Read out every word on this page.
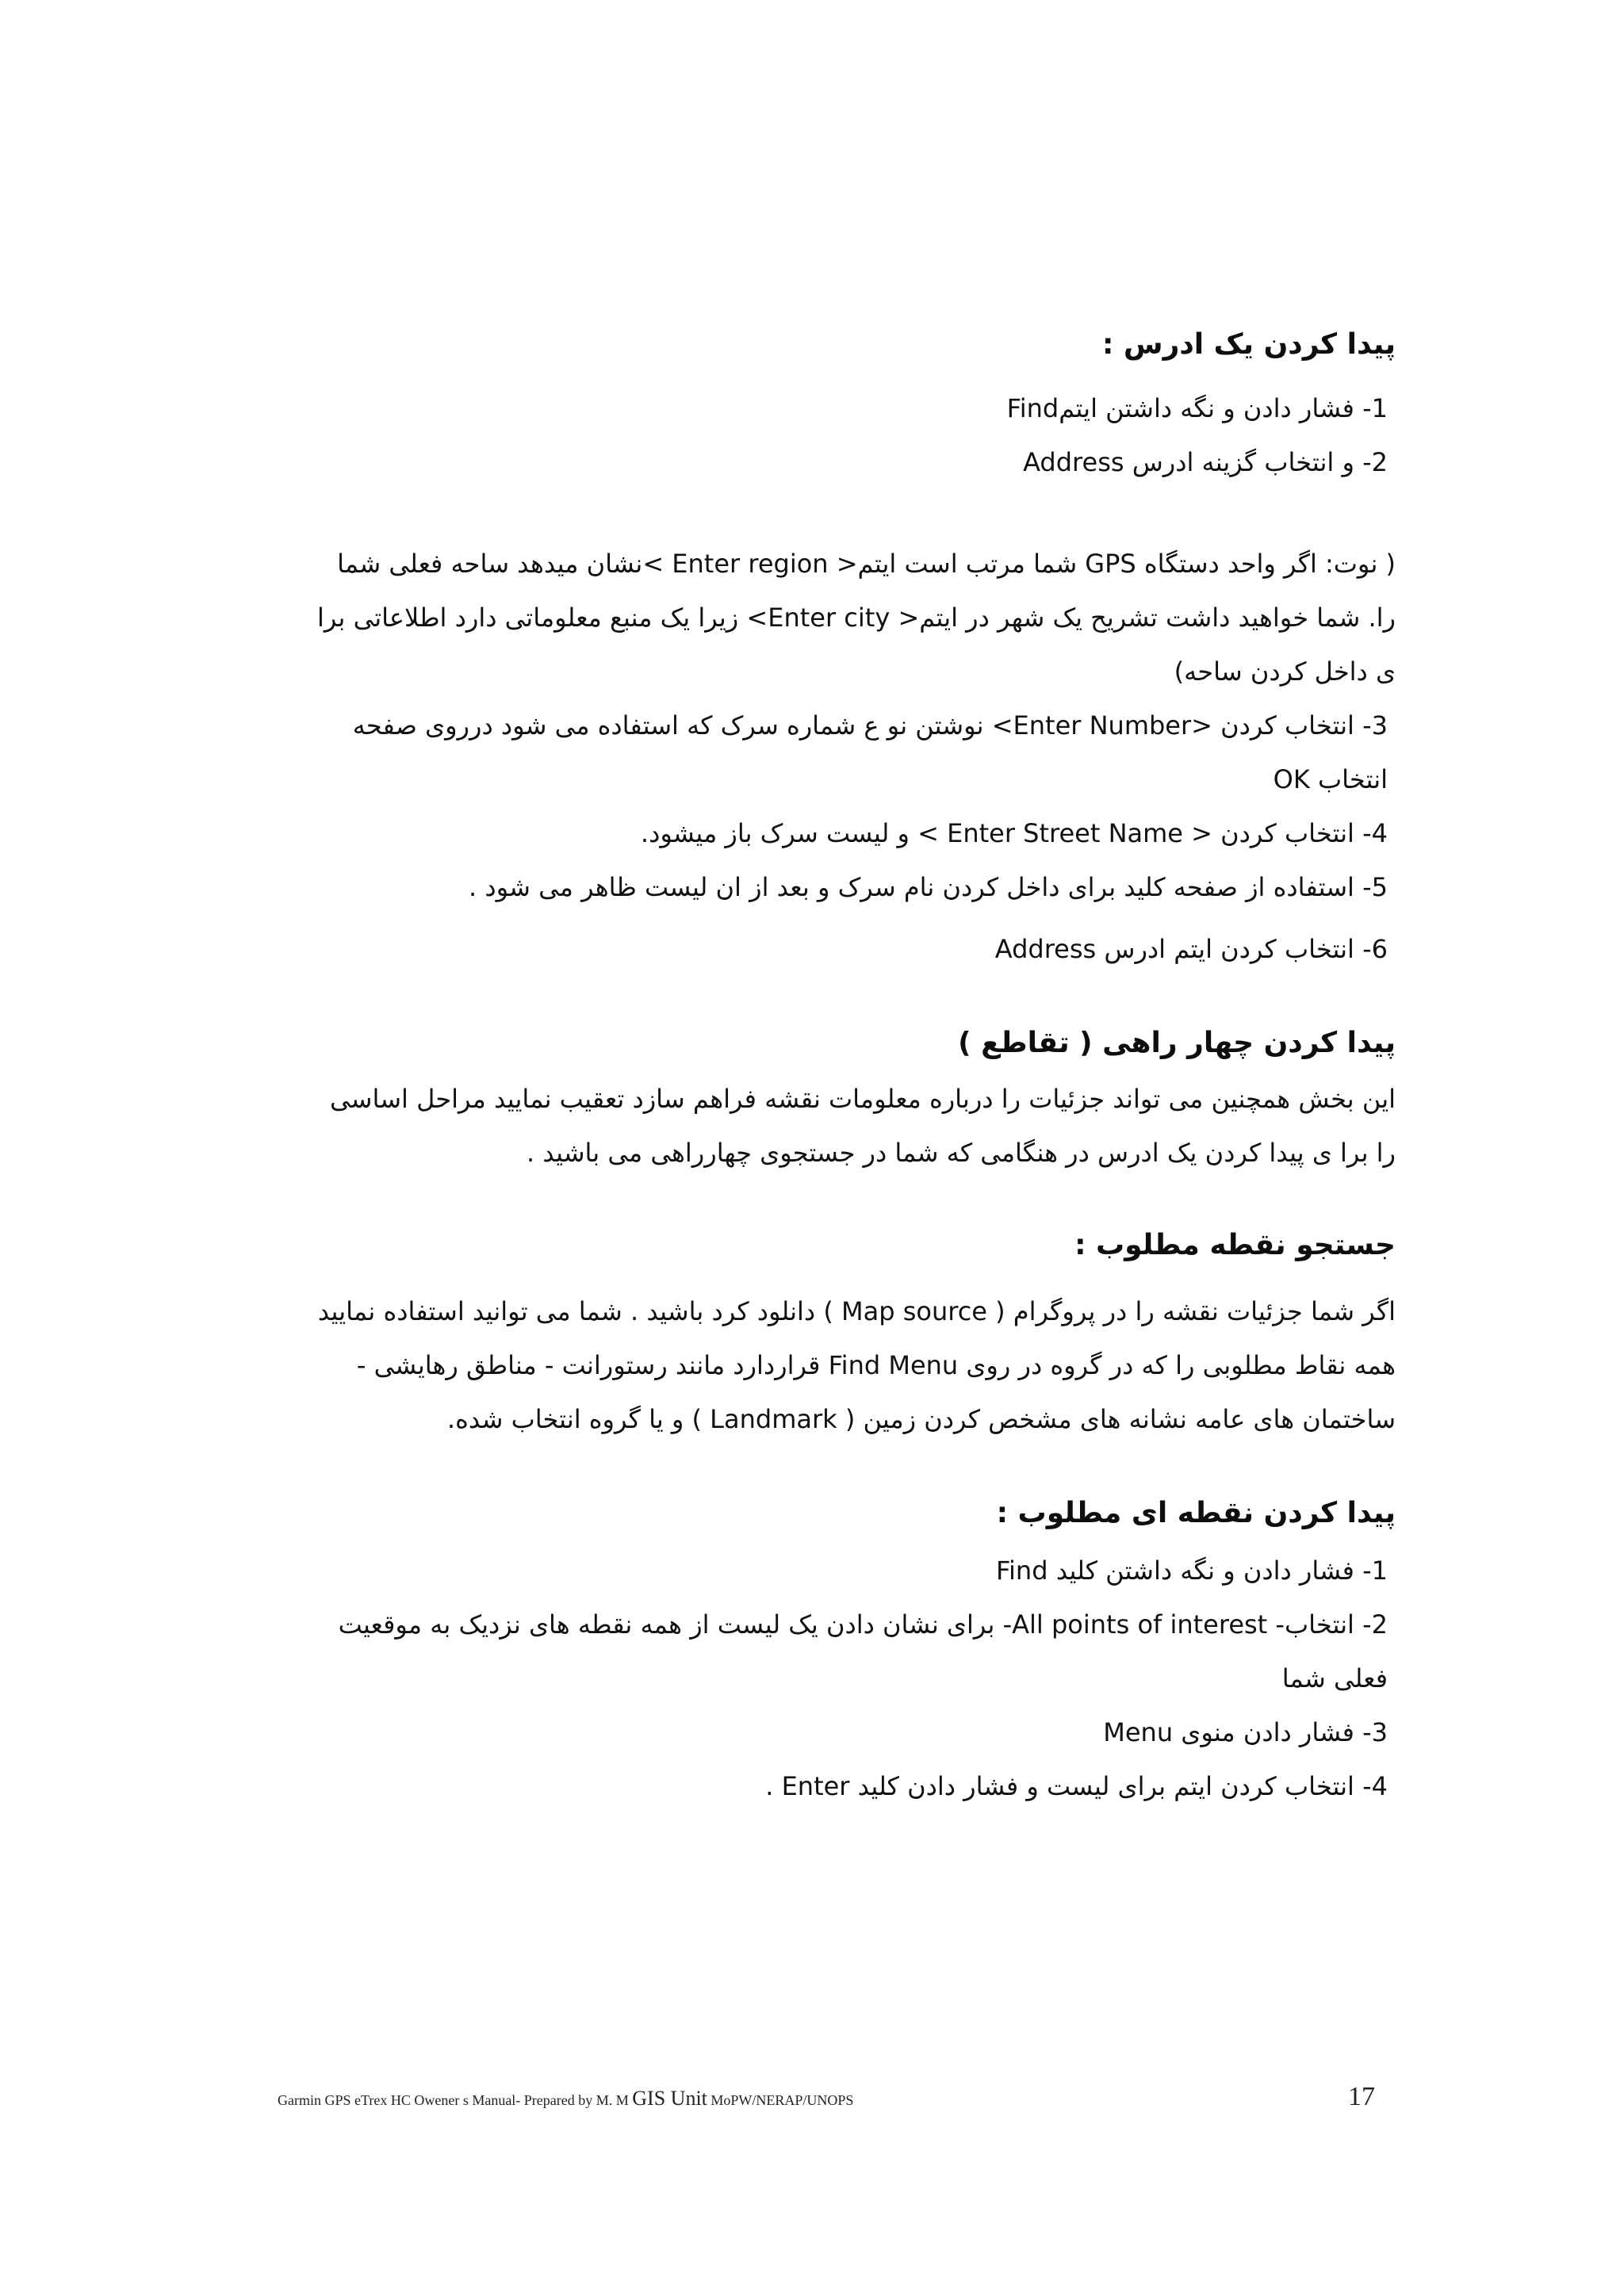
پیدا کردن یک ادرس :

1- فشار دادن و نگه داشتن ایتمFind

2- و انتخاب گزینه ادرس Address

( نوت: اگر واحد دستگاه GPS شما مرتب است ایتم< Enter region >نشان میدهد ساحه فعلی شما را. شما خواهید داشت تشریح یک شهر در ایتم< Enter city> زیرا یک منبع معلوماتی دارد اطلاعاتی برا ی داخل کردن ساحه)

3- انتخاب کردن <Enter Number> نوشتن نو ع شماره سرک که استفاده می شود درروی صفحه انتخاب OK

4- انتخاب کردن < Enter Street Name > و لیست سرک باز میشود.

5- استفاده از صفحه کلید برای داخل کردن نام سرک و بعد از ان لیست ظاهر می شود .

6- انتخاب کردن ایتم ادرس Address

پیدا کردن چهار راهی ( تقاطع )

این بخش همچنین می تواند جزئیات را درباره معلومات نقشه فراهم سازد تعقیب نمایید مراحل اساسی را برا ی پیدا کردن یک ادرس در هنگامی که شما در جستجوی چهارراهی می باشید .

جستجو نقطه مطلوب :

اگر شما جزئیات نقشه را در پروگرام ( Map source ) دانلود کرد باشید . شما می توانید استفاده نمایید همه نقاط مطلوبی را که در گروه در روی Find Menu قراردارد مانند رستورانت - مناطق رهایشی - ساختمان های عامه نشانه های مشخص کردن زمین ( Landmark ) و یا گروه انتخاب شده.

پیدا کردن نقطه ای مطلوب :

1- فشار دادن و نگه داشتن کلید Find

2- انتخاب- All points of interest- برای نشان دادن یک لیست از همه نقطه های نزدیک به موقعیت فعلی شما

3- فشار دادن منوی Menu

4- انتخاب کردن ایتم برای لیست و فشار دادن کلید Enter .

Garmin GPS eTrex HC Owener s Manual- Prepared by M. M GIS Unit MoPW/NERAP/UNOPS	17
